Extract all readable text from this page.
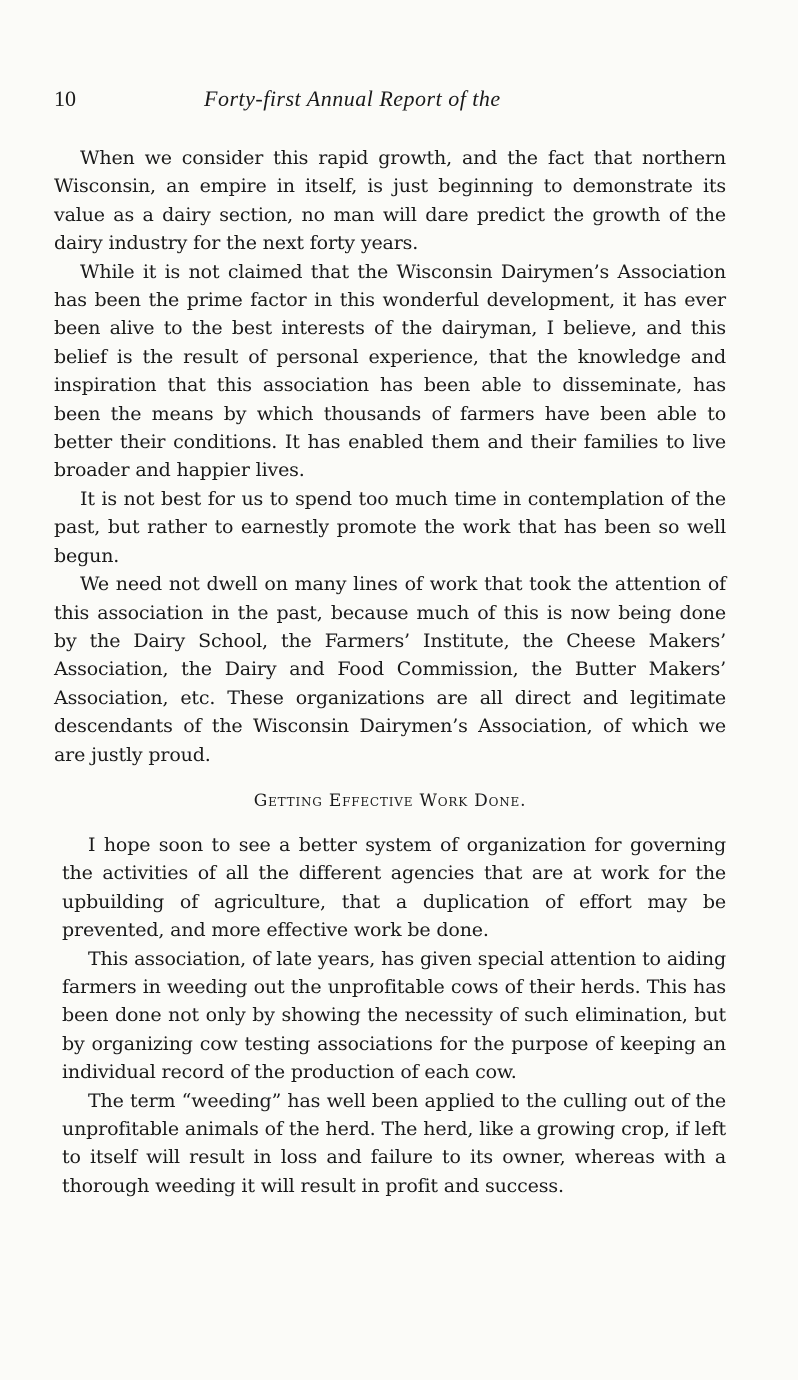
10	Forty-first Annual Report of the

When we consider this rapid growth, and the fact that northern Wisconsin, an empire in itself, is just beginning to demonstrate its value as a dairy section, no man will dare predict the growth of the dairy industry for the next forty years.

While it is not claimed that the Wisconsin Dairymen’s Association has been the prime factor in this wonderful development, it has ever been alive to the best interests of the dairyman, I believe, and this belief is the result of personal experience, that the knowledge and inspiration that this association has been able to disseminate, has been the means by which thousands of farmers have been able to better their conditions. It has enabled them and their families to live broader and happier lives.

It is not best for us to spend too much time in contemplation of the past, but rather to earnestly promote the work that has been so well begun.

We need not dwell on many lines of work that took the attention of this association in the past, because much of this is now being done by the Dairy School, the Farmers’ Institute, the Cheese Makers’ Association, the Dairy and Food Commission, the Butter Makers’ Association, etc. These organizations are all direct and legitimate descendants of the Wisconsin Dairymen’s Association, of which we are justly proud.

Getting Effective Work Done.

I hope soon to see a better system of organization for governing the activities of all the different agencies that are at work for the upbuilding of agriculture, that a duplication of effort may be prevented, and more effective work be done.

This association, of late years, has given special attention to aiding farmers in weeding out the unprofitable cows of their herds. This has been done not only by showing the necessity of such elimination, but by organizing cow testing associations for the purpose of keeping an individual record of the production of each cow.

The term “weeding” has well been applied to the culling out of the unprofitable animals of the herd. The herd, like a growing crop, if left to itself will result in loss and failure to its owner, whereas with a thorough weeding it will result in profit and success.
